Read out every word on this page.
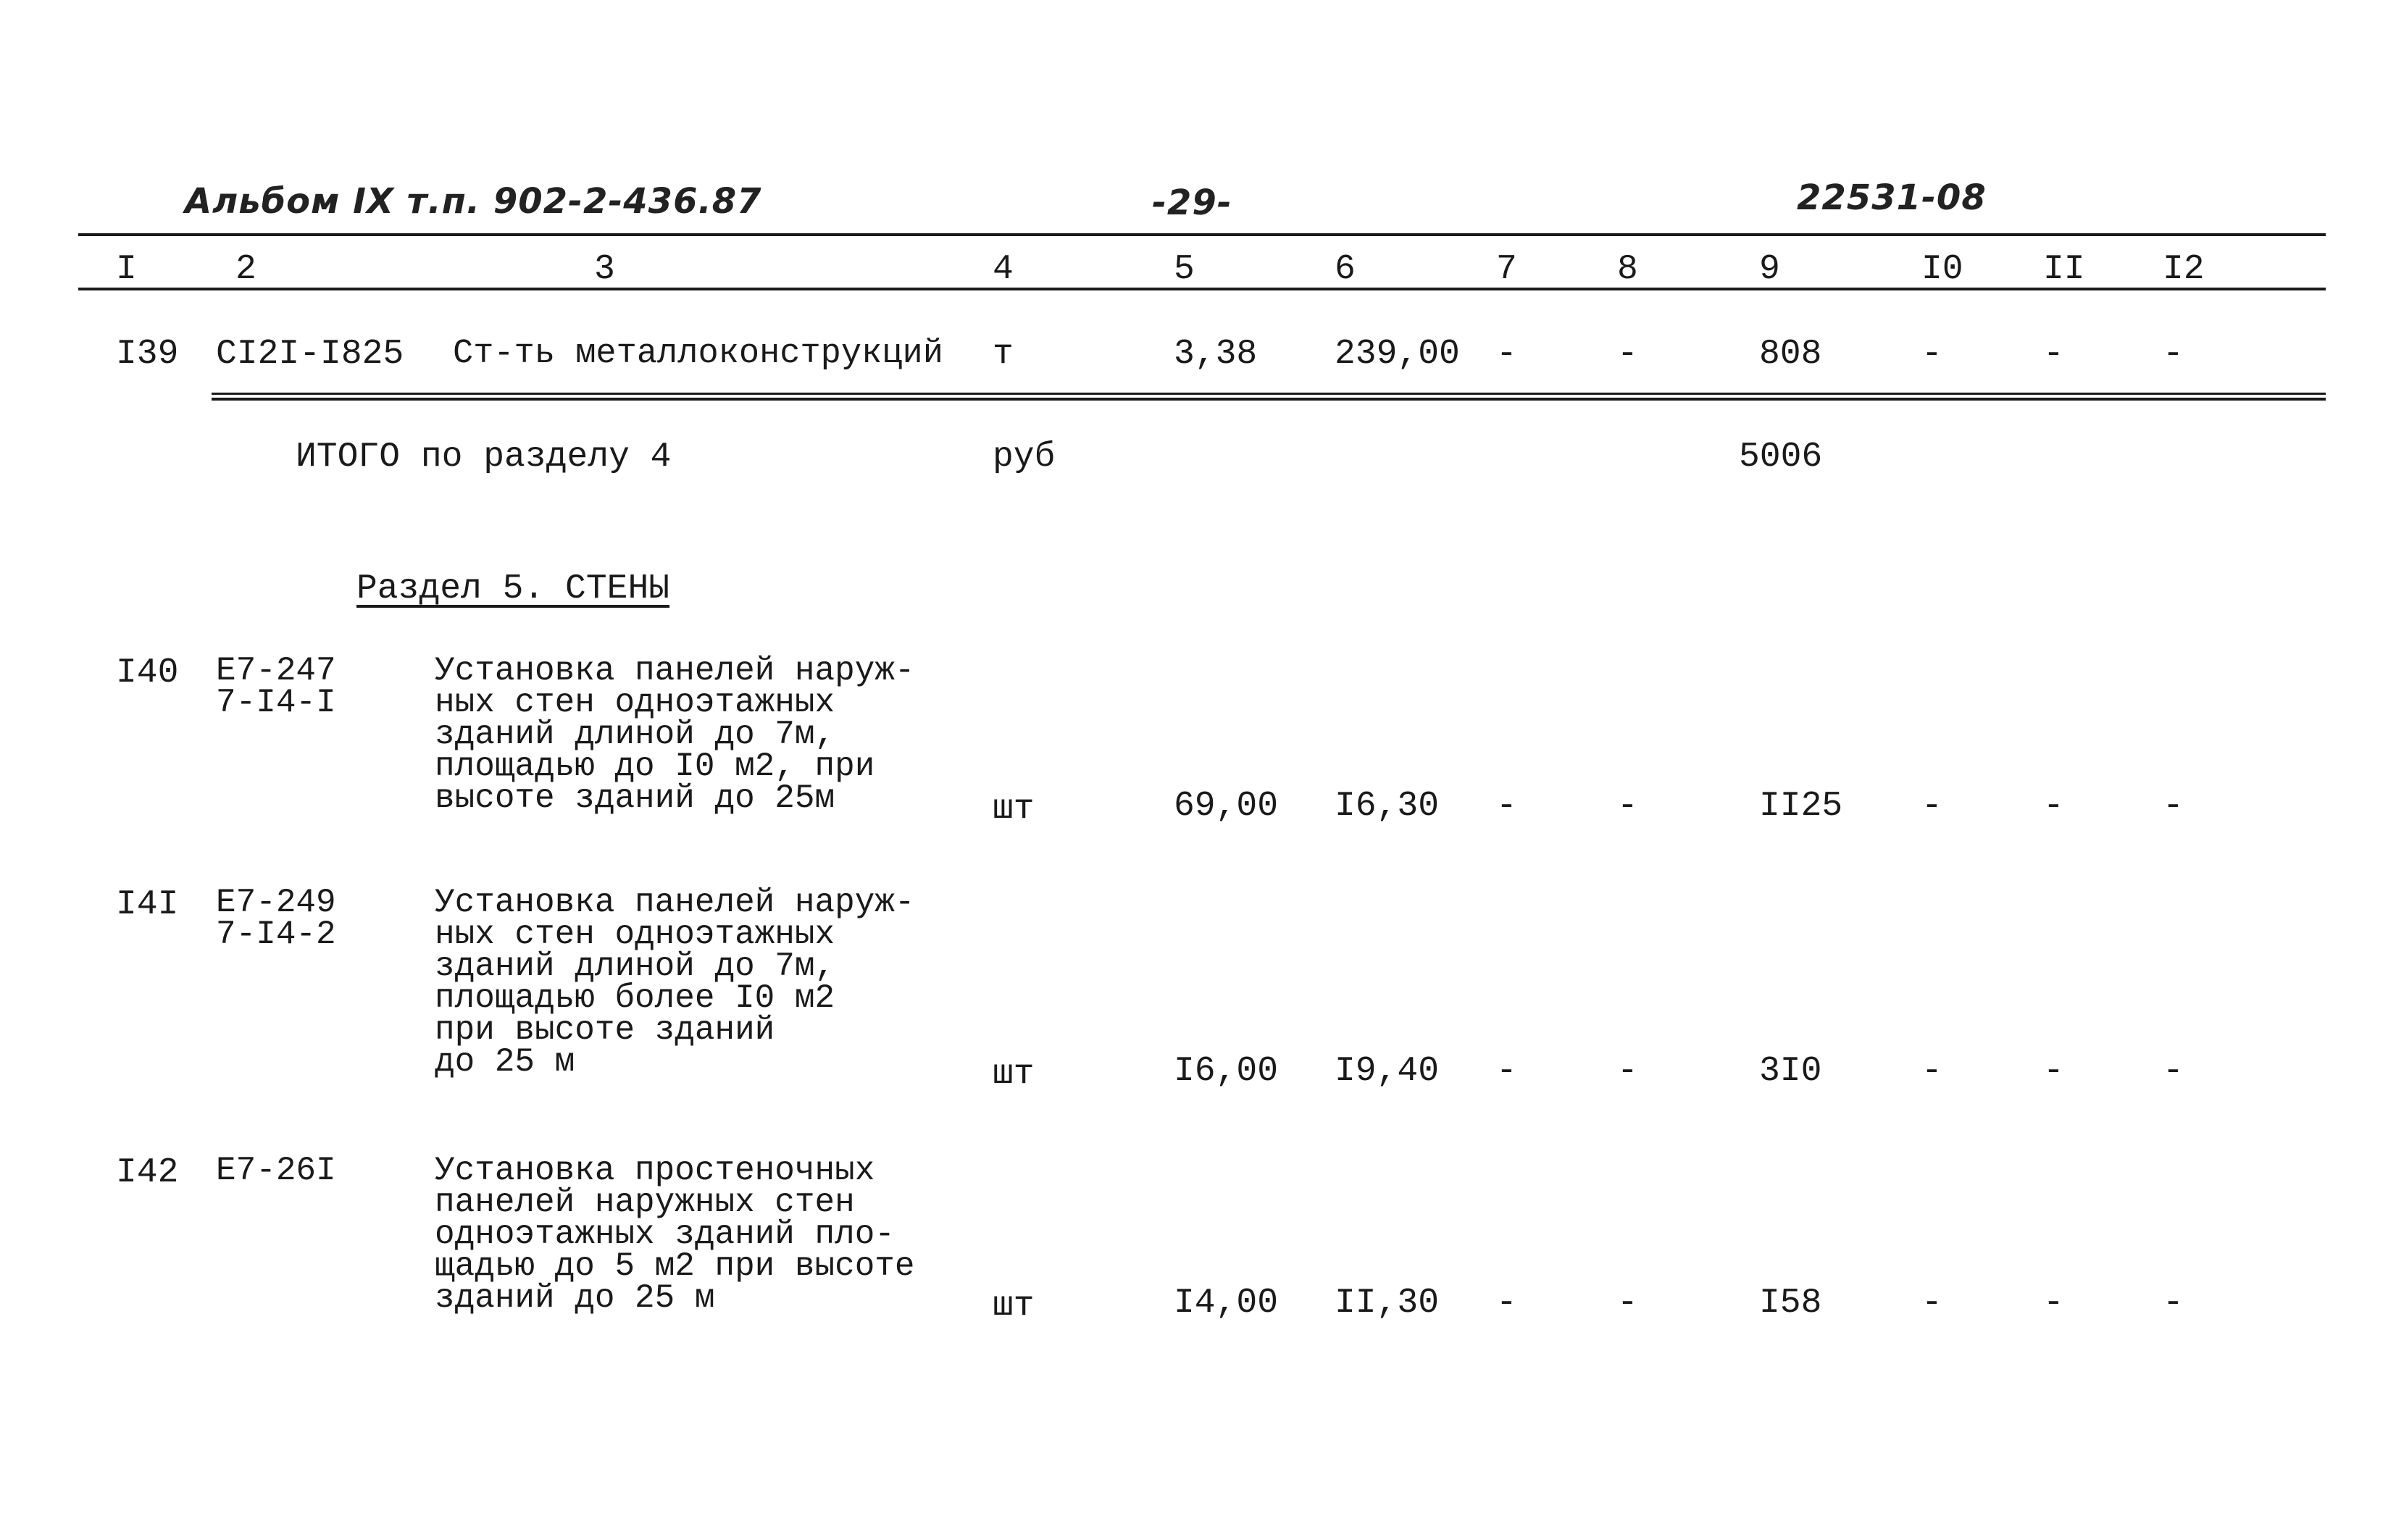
Альбом IX т.п. 902-2-436.87	-29-	22531-08
I	2	3	4	5	6	7	8	9	I0 II I2
I39 CI2I-I825 Ст-ть металлоконструкций т	3,38 239,00 -	-	808	-	-	-
ИТОГО по разделу 4	руб	5006
Раздел 5. СТЕНЫ
I40 E7-247
7-I4-I
Установка панелей наруж-
ных стен одноэтажных
зданий длиной до 7м,
площадью до I0 м2, при
высоте зданий до 25м	шт	69,00 I6,30 -	-	II25 -	-	-
I4I E7-249
7-I4-2
Установка панелей наруж-
ных стен одноэтажных
зданий длиной до 7м,
площадью более I0 м2
при высоте зданий
до 25 м	шт	I6,00 I9,40 -	-	3I0	-	-	-
I42 E7-26I	Установка простеночных
панелей наружных стен
одноэтажных зданий пло-
щадью до 5 м2 при высоте
зданий до 25 м	шт	I4,00 II,30 -	-	I58	-	-	-
